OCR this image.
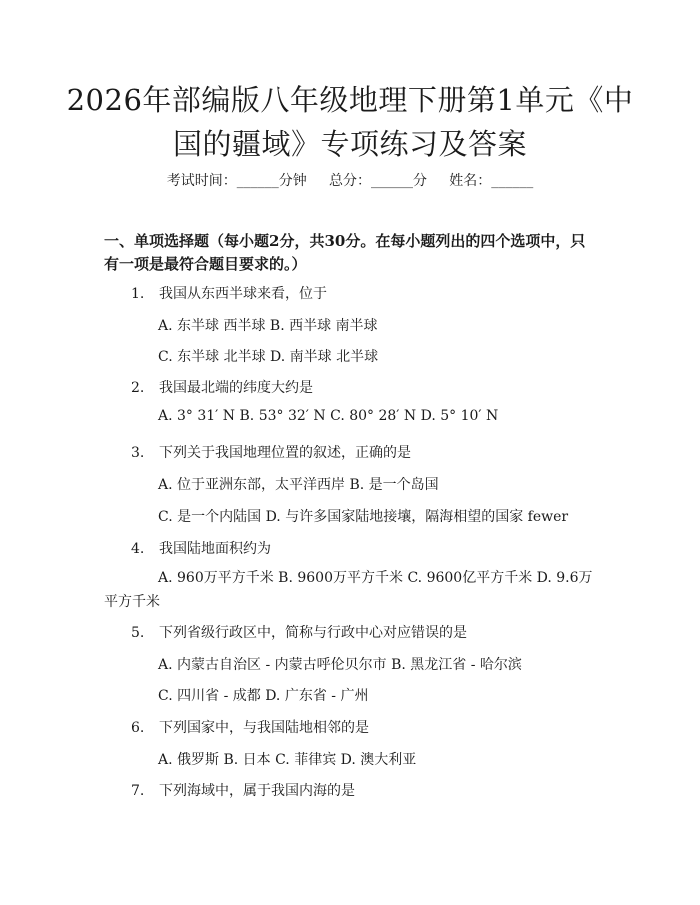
2026年部编版八年级地理下册第1单元《中国的疆域》专项练习及答案
考试时间：______分钟     总分：______分     姓名：______
一、单项选择题（每小题2分，共30分。在每小题列出的四个选项中，只有一项是最符合题目要求的。）
1. 我国从东西半球来看，位于
A. 东半球 西半球 B. 西半球 南半球
C. 东半球 北半球 D. 南半球 北半球
2. 我国最北端的纬度大约是
A. 3° 31′ N B. 53° 32′ N C. 80° 28′ N D. 5° 10′ N
3. 下列关于我国地理位置的叙述，正确的是
A. 位于亚洲东部，太平洋西岸 B. 是一个岛国
C. 是一个内陆国 D. 与许多国家陆地接壤，隔海相望的国家 fewer
4. 我国陆地面积约为
A. 960万平方千米 B. 9600万平方千米 C. 9600亿平方千米 D. 9.6万平方千米
5. 下列省级行政区中，简称与行政中心对应错误的是
A. 内蒙古自治区 - 内蒙古呼伦贝尔市 B. 黑龙江省 - 哈尔滨
C. 四川省 - 成都 D. 广东省 - 广州
6. 下列国家中，与我国陆地相邻的是
A. 俄罗斯 B. 日本 C. 菲律宾 D. 澳大利亚
7. 下列海域中，属于我国内海的是
